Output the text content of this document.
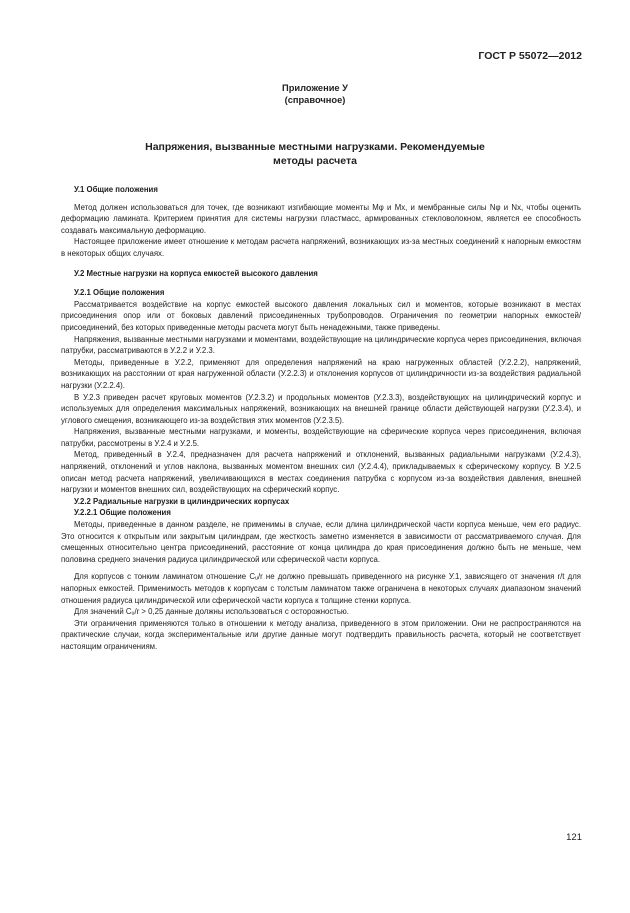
ГОСТ Р 55072—2012
Приложение У
(справочное)
Напряжения, вызванные местными нагрузками. Рекомендуемые
методы расчета
У.1 Общие положения

Метод должен использоваться для точек, где возникают изгибающие моменты Mφ и Mx, и мембранные силы Nφ и Nx, чтобы оценить деформацию ламината. Критерием принятия для системы нагрузки пластмасс, армированных стекловолокном, является ее способность создавать максимальную деформацию.

Настоящее приложение имеет отношение к методам расчета напряжений, возникающих из-за местных соединений к напорным емкостям в некоторых общих случаях.

У.2 Местные нагрузки на корпуса емкостей высокого давления
У.2.1 Общие положения

Рассматривается воздействие на корпус емкостей высокого давления локальных сил и моментов, которые возникают в местах присоединения опор или от боковых давлений присоединенных трубопроводов. Ограничения по геометрии напорных емкостей/присоединений, без которых приведенные методы расчета могут быть ненадежными, также приведены.

Напряжения, вызванные местными нагрузками и моментами, воздействующие на цилиндрические корпуса через присоединения, включая патрубки, рассматриваются в У.2.2 и У.2.3.

Методы, приведенные в У.2.2, применяют для определения напряжений на краю нагруженных областей (У.2.2.2), напряжений, возникающих на расстоянии от края нагруженной области (У.2.2.3) и отклонения корпусов от цилиндричности из-за воздействия радиальной нагрузки (У.2.2.4).

В У.2.3 приведен расчет круговых моментов (У.2.3.2) и продольных моментов (У.2.3.3), воздействующих на цилиндрический корпус и используемых для определения максимальных напряжений, возникающих на внешней границе области действующей нагрузки (У.2.3.4), и углового смещения, возникающего из-за воздействия этих моментов (У.2.3.5).

Напряжения, вызванные местными нагрузками, и моменты, воздействующие на сферические корпуса через присоединения, включая патрубки, рассмотрены в У.2.4 и У.2.5.

Метод, приведенный в У.2.4, предназначен для расчета напряжений и отклонений, вызванных радиальными нагрузками (У.2.4.3), напряжений, отклонений и углов наклона, вызванных моментом внешних сил (У.2.4.4), прикладываемых к сферическому корпусу. В У.2.5 описан метод расчета напряжений, увеличивающихся в местах соединения патрубка с корпусом из-за воздействия давления, внешней нагрузки и моментов внешних сил, воздействующих на сферический корпус.

У.2.2 Радиальные нагрузки в цилиндрических корпусах
У.2.2.1 Общие положения

Методы, приведенные в данном разделе, не применимы в случае, если длина цилиндрической части корпуса меньше, чем его радиус. Это относится к открытым или закрытым цилиндрам, где жесткость заметно изменяется в зависимости от рассматриваемого случая. Для смещенных относительно центра присоединений, расстояние от конца цилиндра до края присоединения должно быть не меньше, чем половина среднего значения радиуса цилиндрической или сферической части корпуса.

Для корпусов с тонким ламинатом отношение Cᵤ/r не должно превышать приведенного на рисунке У.1, зависящего от значения r/t для напорных емкостей. Применимость методов к корпусам с толстым ламинатом также ограничена в некоторых случаях диапазоном значений отношения радиуса цилиндрической или сферической части корпуса к толщине стенки корпуса.

Для значений Cᵤ/r > 0,25 данные должны использоваться с осторожностью.

Эти ограничения применяются только в отношении к методу анализа, приведенного в этом приложении. Они не распространяются на практические случаи, когда экспериментальные или другие данные могут подтвердить правильность расчета, который не соответствует настоящим ограничениям.

121
